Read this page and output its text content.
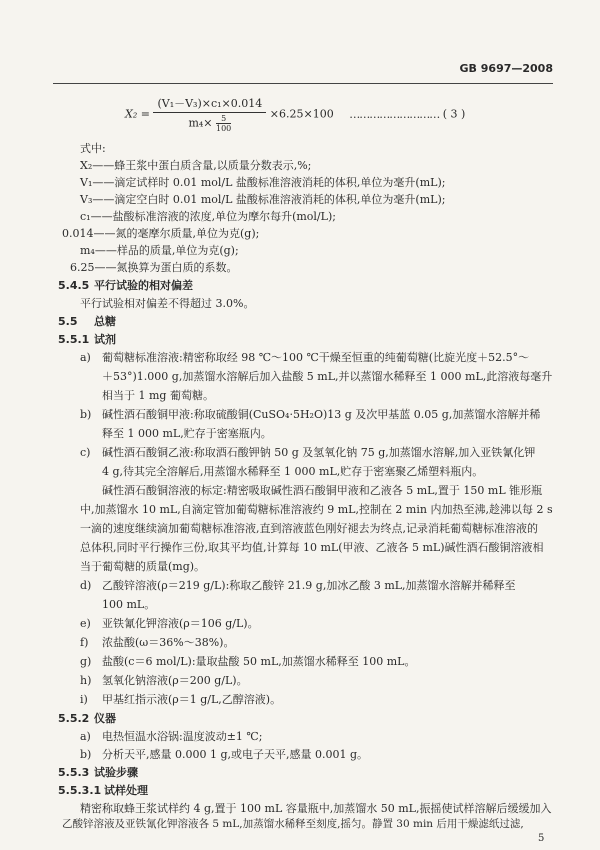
GB 9697—2008
$X_2 = \frac{\text{(V₁－V₃)×c₁×0.014}}{m_4\times \frac{5}{100}} \times 6.25\times 100$ ……………………… ( 3 )
式中:
X₂——蜂王浆中蛋白质含量,以质量分数表示,%;
V₁——滴定试样时 0.01 mol/L 盐酸标准溶液消耗的体积,单位为毫升(mL);
V₃——滴定空白时 0.01 mol/L 盐酸标准溶液消耗的体积,单位为毫升(mL);
c₁——盐酸标准溶液的浓度,单位为摩尔每升(mol/L);
0.014——氮的毫摩尔质量,单位为克(g);
m₄——样品的质量,单位为克(g);
6.25——氮换算为蛋白质的系数。
5.4.5 平行试验的相对偏差
平行试验相对偏差不得超过 3.0%。
5.5 总糖
5.5.1 试剂
a) 葡萄糖标准溶液:精密称取经 98 ℃～100 ℃干燥至恒重的纯葡萄糖(比旋光度＋52.5°～
＋53°)1.000 g,加蒸馏水溶解后加入盐酸 5 mL,并以蒸馏水稀释至 1 000 mL,此溶液每毫升
相当于 1 mg 葡萄糖。
b) 碱性酒石酸铜甲液:称取硫酸铜(CuSO₄·5H₂O)13 g 及次甲基蓝 0.05 g,加蒸馏水溶解并稀
释至 1 000 mL,贮存于密塞瓶内。
c) 碱性酒石酸铜乙液:称取酒石酸钾钠 50 g 及氢氧化钠 75 g,加蒸馏水溶解,加入亚铁氰化钾
4 g,待其完全溶解后,用蒸馏水稀释至 1 000 mL,贮存于密塞聚乙烯塑料瓶内。
碱性酒石酸铜溶液的标定:精密吸取碱性酒石酸铜甲液和乙液各 5 mL,置于 150 mL 锥形瓶
中,加蒸馏水 10 mL,自滴定管加葡萄糖标准溶液约 9 mL,控制在 2 min 内加热至沸,趁沸以每 2 s
一滴的速度继续滴加葡萄糖标准溶液,直到溶液蓝色刚好褪去为终点,记录消耗葡萄糖标准溶液的
总体积,同时平行操作三份,取其平均值,计算每 10 mL(甲液、乙液各 5 mL)碱性酒石酸铜溶液相
当于葡萄糖的质量(mg)。
d) 乙酸锌溶液(ρ＝219 g/L):称取乙酸锌 21.9 g,加冰乙酸 3 mL,加蒸馏水溶解并稀释至
100 mL。
e) 亚铁氰化钾溶液(ρ＝106 g/L)。
f) 浓盐酸(ω＝36%～38%)。
g) 盐酸(c＝6 mol/L):量取盐酸 50 mL,加蒸馏水稀释至 100 mL。
h) 氢氧化钠溶液(ρ＝200 g/L)。
i) 甲基红指示液(ρ＝1 g/L,乙醇溶液)。
5.5.2 仪器
a) 电热恒温水浴锅:温度波动±1 ℃;
b) 分析天平,感量 0.000 1 g,或电子天平,感量 0.001 g。
5.5.3 试验步骤
5.5.3.1 试样处理
精密称取蜂王浆试样约 4 g,置于 100 mL 容量瓶中,加蒸馏水 50 mL,振摇使试样溶解后缓缓加入
乙酸锌溶液及亚铁氰化钾溶液各 5 mL,加蒸馏水稀释至刻度,摇匀。静置 30 min 后用干燥滤纸过滤,
5
